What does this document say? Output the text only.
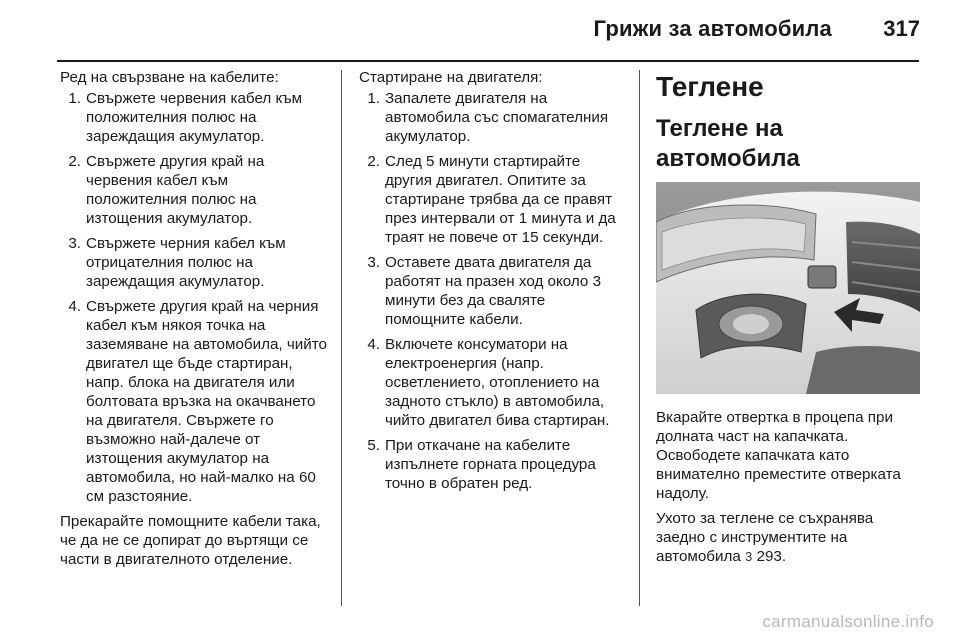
Грижи за автомобила 317
Ред на свързване на кабелите:
1. Свържете червения кабел към положителния полюс на зареждащия акумулатор.
2. Свържете другия край на червения кабел към положителния полюс на изтощения акумулатор.
3. Свържете черния кабел към отрицателния полюс на зареждащия акумулатор.
4. Свържете другия край на черния кабел към някоя точка на заземяване на автомобила, чийто двигател ще бъде стартиран, напр. блока на двигателя или болтовата връзка на окачването на двигателя. Свържете го възможно най-далече от изтощения акумулатор на автомобила, но най-малко на 60 см разстояние.
Прекарайте помощните кабели така, че да не се допират до въртящи се части в двигателното отделение.
Стартиране на двигателя:
1. Запалете двигателя на автомобила със спомагателния акумулатор.
2. След 5 минути стартирайте другия двигател. Опитите за стартиране трябва да се правят през интервали от 1 минута и да траят не повече от 15 секунди.
3. Оставете двата двигателя да работят на празен ход около 3 минути без да сваляте помощните кабели.
4. Включете консуматори на електроенергия (напр. осветлението, отоплението на задното стъкло) в автомобила, чийто двигател бива стартиран.
5. При откачане на кабелите изпълнете горната процедура точно в обратен ред.
Теглене
Теглене на автомобила
Вкарайте отвертка в процепа при долната част на капачката. Освободете капачката като внимателно преместите отверката надолу.
Ухото за теглене се съхранява заедно с инструментите на автомобила 3 293.
carmanualsonline.info
